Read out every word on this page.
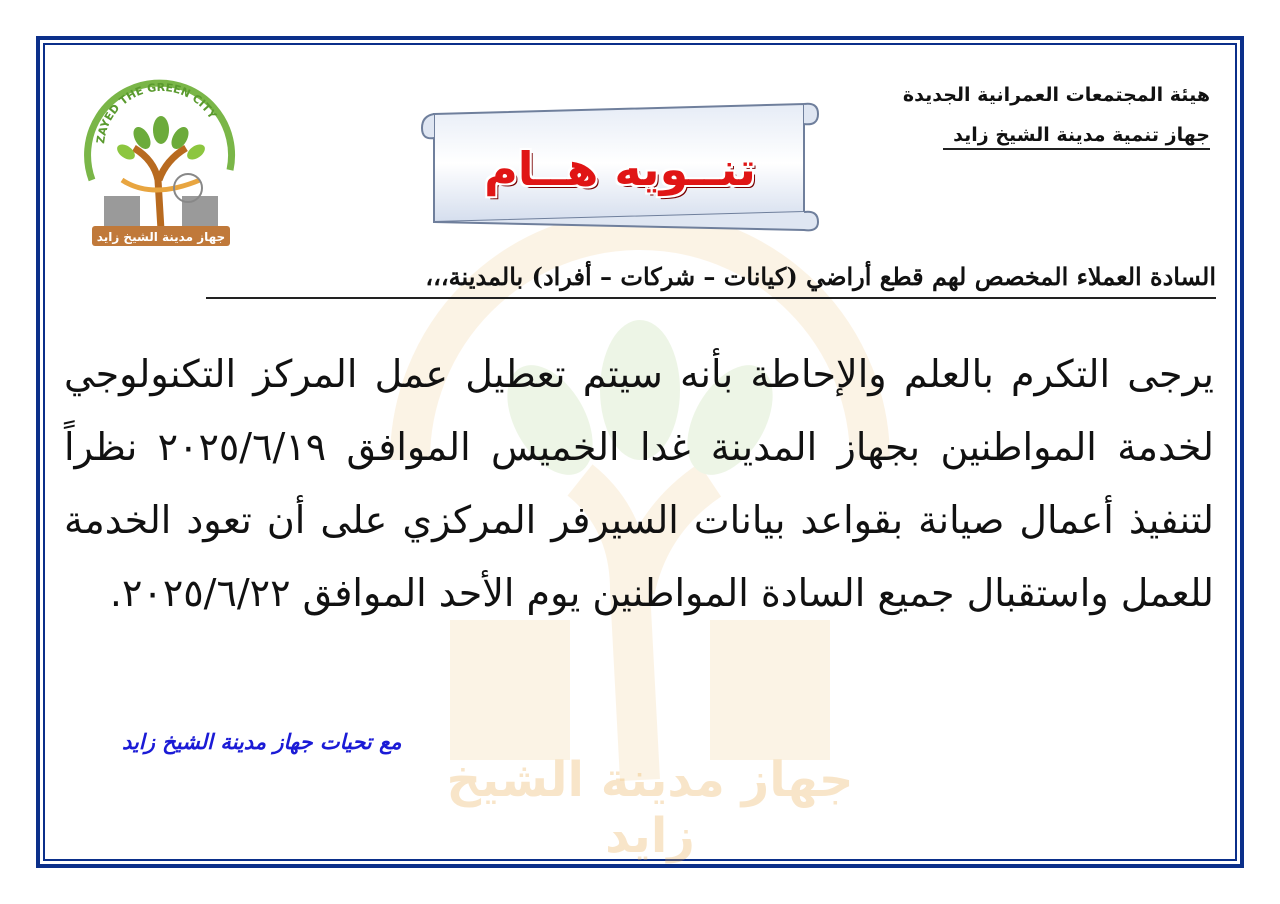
جهاز مدينة الشيخ زايد
هيئة المجتمعات العمرانية الجديدة
جهاز تنمية مدينة الشيخ زايد
ZAYED THE GREEN CITY
جهاز مدينة الشيخ زايد
تنــويه هــام
السادة العملاء المخصص لهم قطع أراضي (كيانات – شركات – أفراد) بالمدينة،،،
يرجى التكرم بالعلم والإحاطة بأنه سيتم تعطيل عمل المركز التكنولوجي لخدمة المواطنين بجهاز المدينة غدا الخميس الموافق ٢٠٢٥/٦/١٩ نظراً لتنفيذ أعمال صيانة بقواعد بيانات السيرفر المركزي على أن تعود الخدمة للعمل واستقبال جميع السادة المواطنين يوم الأحد الموافق ٢٠٢٥/٦/٢٢.
مع تحيات جهاز مدينة الشيخ زايد
